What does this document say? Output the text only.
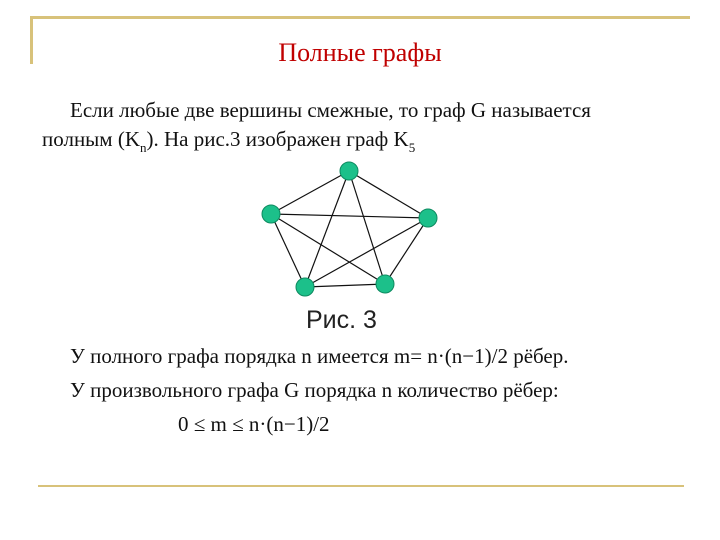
Полные графы
Если любые две вершины смежные, то граф G называется
полным $(K_n)$. На рис.3 изображен граф $K_5$
Рис. 3
У полного графа порядка n имеется m= n·(n−1)/2 рёбер.
У произвольного графа G порядка n количество рёбер:
0 ≤ m ≤ n·(n−1)/2
